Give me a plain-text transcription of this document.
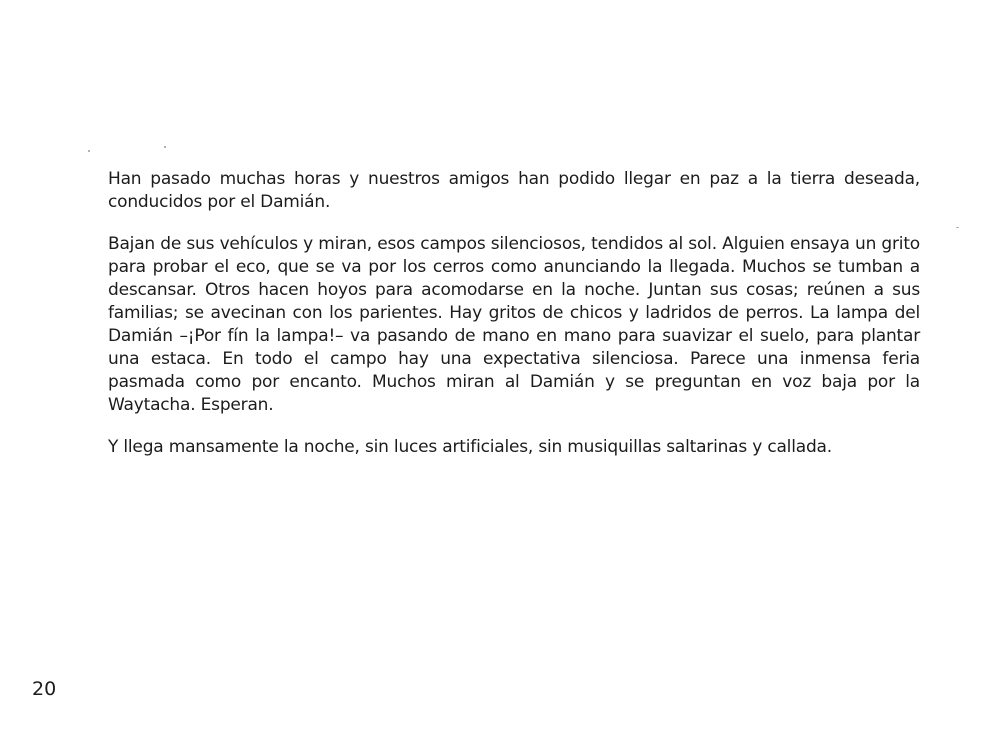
Han pasado muchas horas y nuestros amigos han podido llegar en paz a la tierra deseada, conducidos por el Damián.

Bajan de sus vehículos y miran, esos campos silenciosos, tendidos al sol. Alguien ensaya un grito para probar el eco, que se va por los cerros como anunciando la llegada. Muchos se tumban a descansar. Otros hacen hoyos para acomodarse en la noche. Juntan sus cosas; reúnen a sus familias; se avecinan con los parientes. Hay gritos de chicos y ladridos de perros. La lampa del Damián –¡Por fín la lampa!– va pasando de mano en mano para suavizar el suelo, para plantar una estaca. En todo el campo hay una expectativa silenciosa. Parece una inmensa feria pasmada como por encanto. Muchos miran al Damián y se preguntan en voz baja por la Waytacha. Esperan.

Y llega mansamente la noche, sin luces artificiales, sin musiquillas saltarinas y callada.

20
